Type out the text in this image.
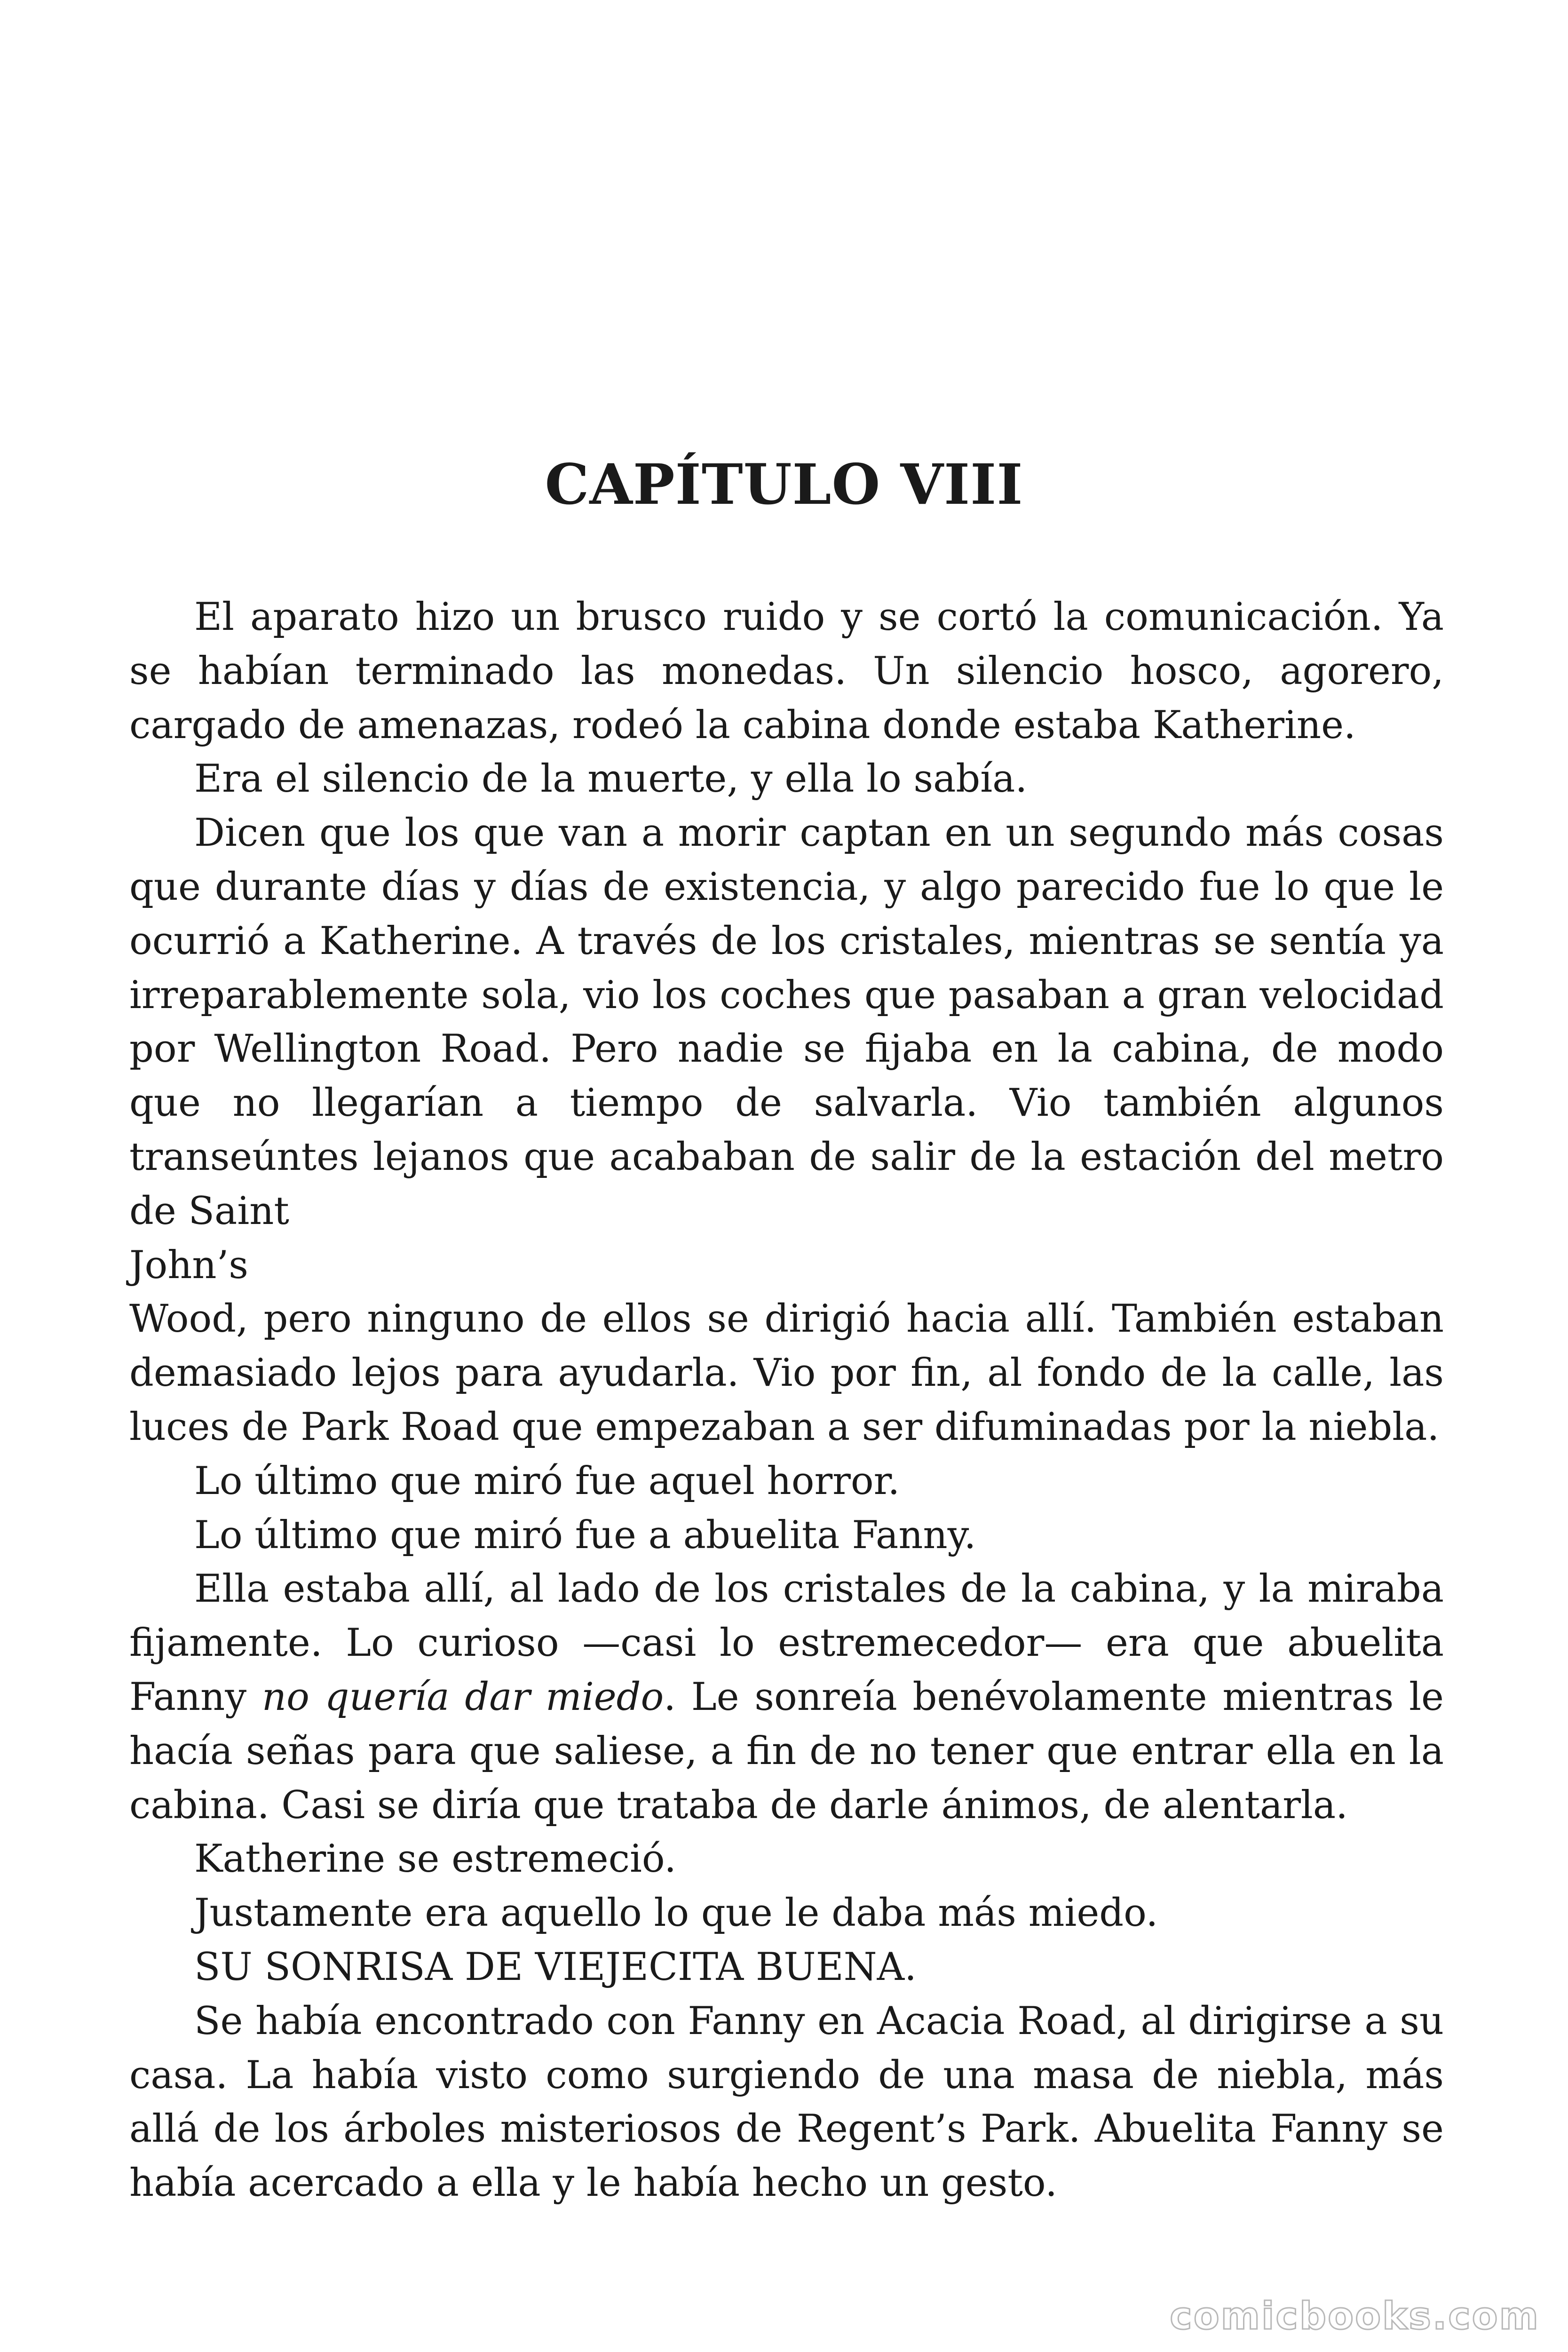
CAPÍTULO VIII

El aparato hizo un brusco ruido y se cortó la comunicación. Ya se habían terminado las monedas. Un silencio hosco, agorero, cargado de amenazas, rodeó la cabina donde estaba Katherine.

Era el silencio de la muerte, y ella lo sabía.

Dicen que los que van a morir captan en un segundo más cosas que durante días y días de existencia, y algo parecido fue lo que le ocurrió a Katherine. A través de los cristales, mientras se sentía ya irreparablemente sola, vio los coches que pasaban a gran velocidad por Wellington Road. Pero nadie se fijaba en la cabina, de modo que no llegarían a tiempo de salvarla. Vio también algunos transeúntes lejanos que acababan de salir de la estación del metro de Saint

John’s

Wood, pero ninguno de ellos se dirigió hacia allí. También estaban demasiado lejos para ayudarla. Vio por fin, al fondo de la calle, las luces de Park Road que empezaban a ser difuminadas por la niebla.

Lo último que miró fue aquel horror.

Lo último que miró fue a abuelita Fanny.

Ella estaba allí, al lado de los cristales de la cabina, y la miraba fijamente. Lo curioso —casi lo estremecedor— era que abuelita Fanny no quería dar miedo. Le sonreía benévolamente mientras le hacía señas para que saliese, a fin de no tener que entrar ella en la cabina. Casi se diría que trataba de darle ánimos, de alentarla.

Katherine se estremeció.

Justamente era aquello lo que le daba más miedo.

SU SONRISA DE VIEJECITA BUENA.

Se había encontrado con Fanny en Acacia Road, al dirigirse a su casa. La había visto como surgiendo de una masa de niebla, más allá de los árboles misteriosos de Regent’s Park. Abuelita Fanny se había acercado a ella y le había hecho un gesto.

comicbooks.com
